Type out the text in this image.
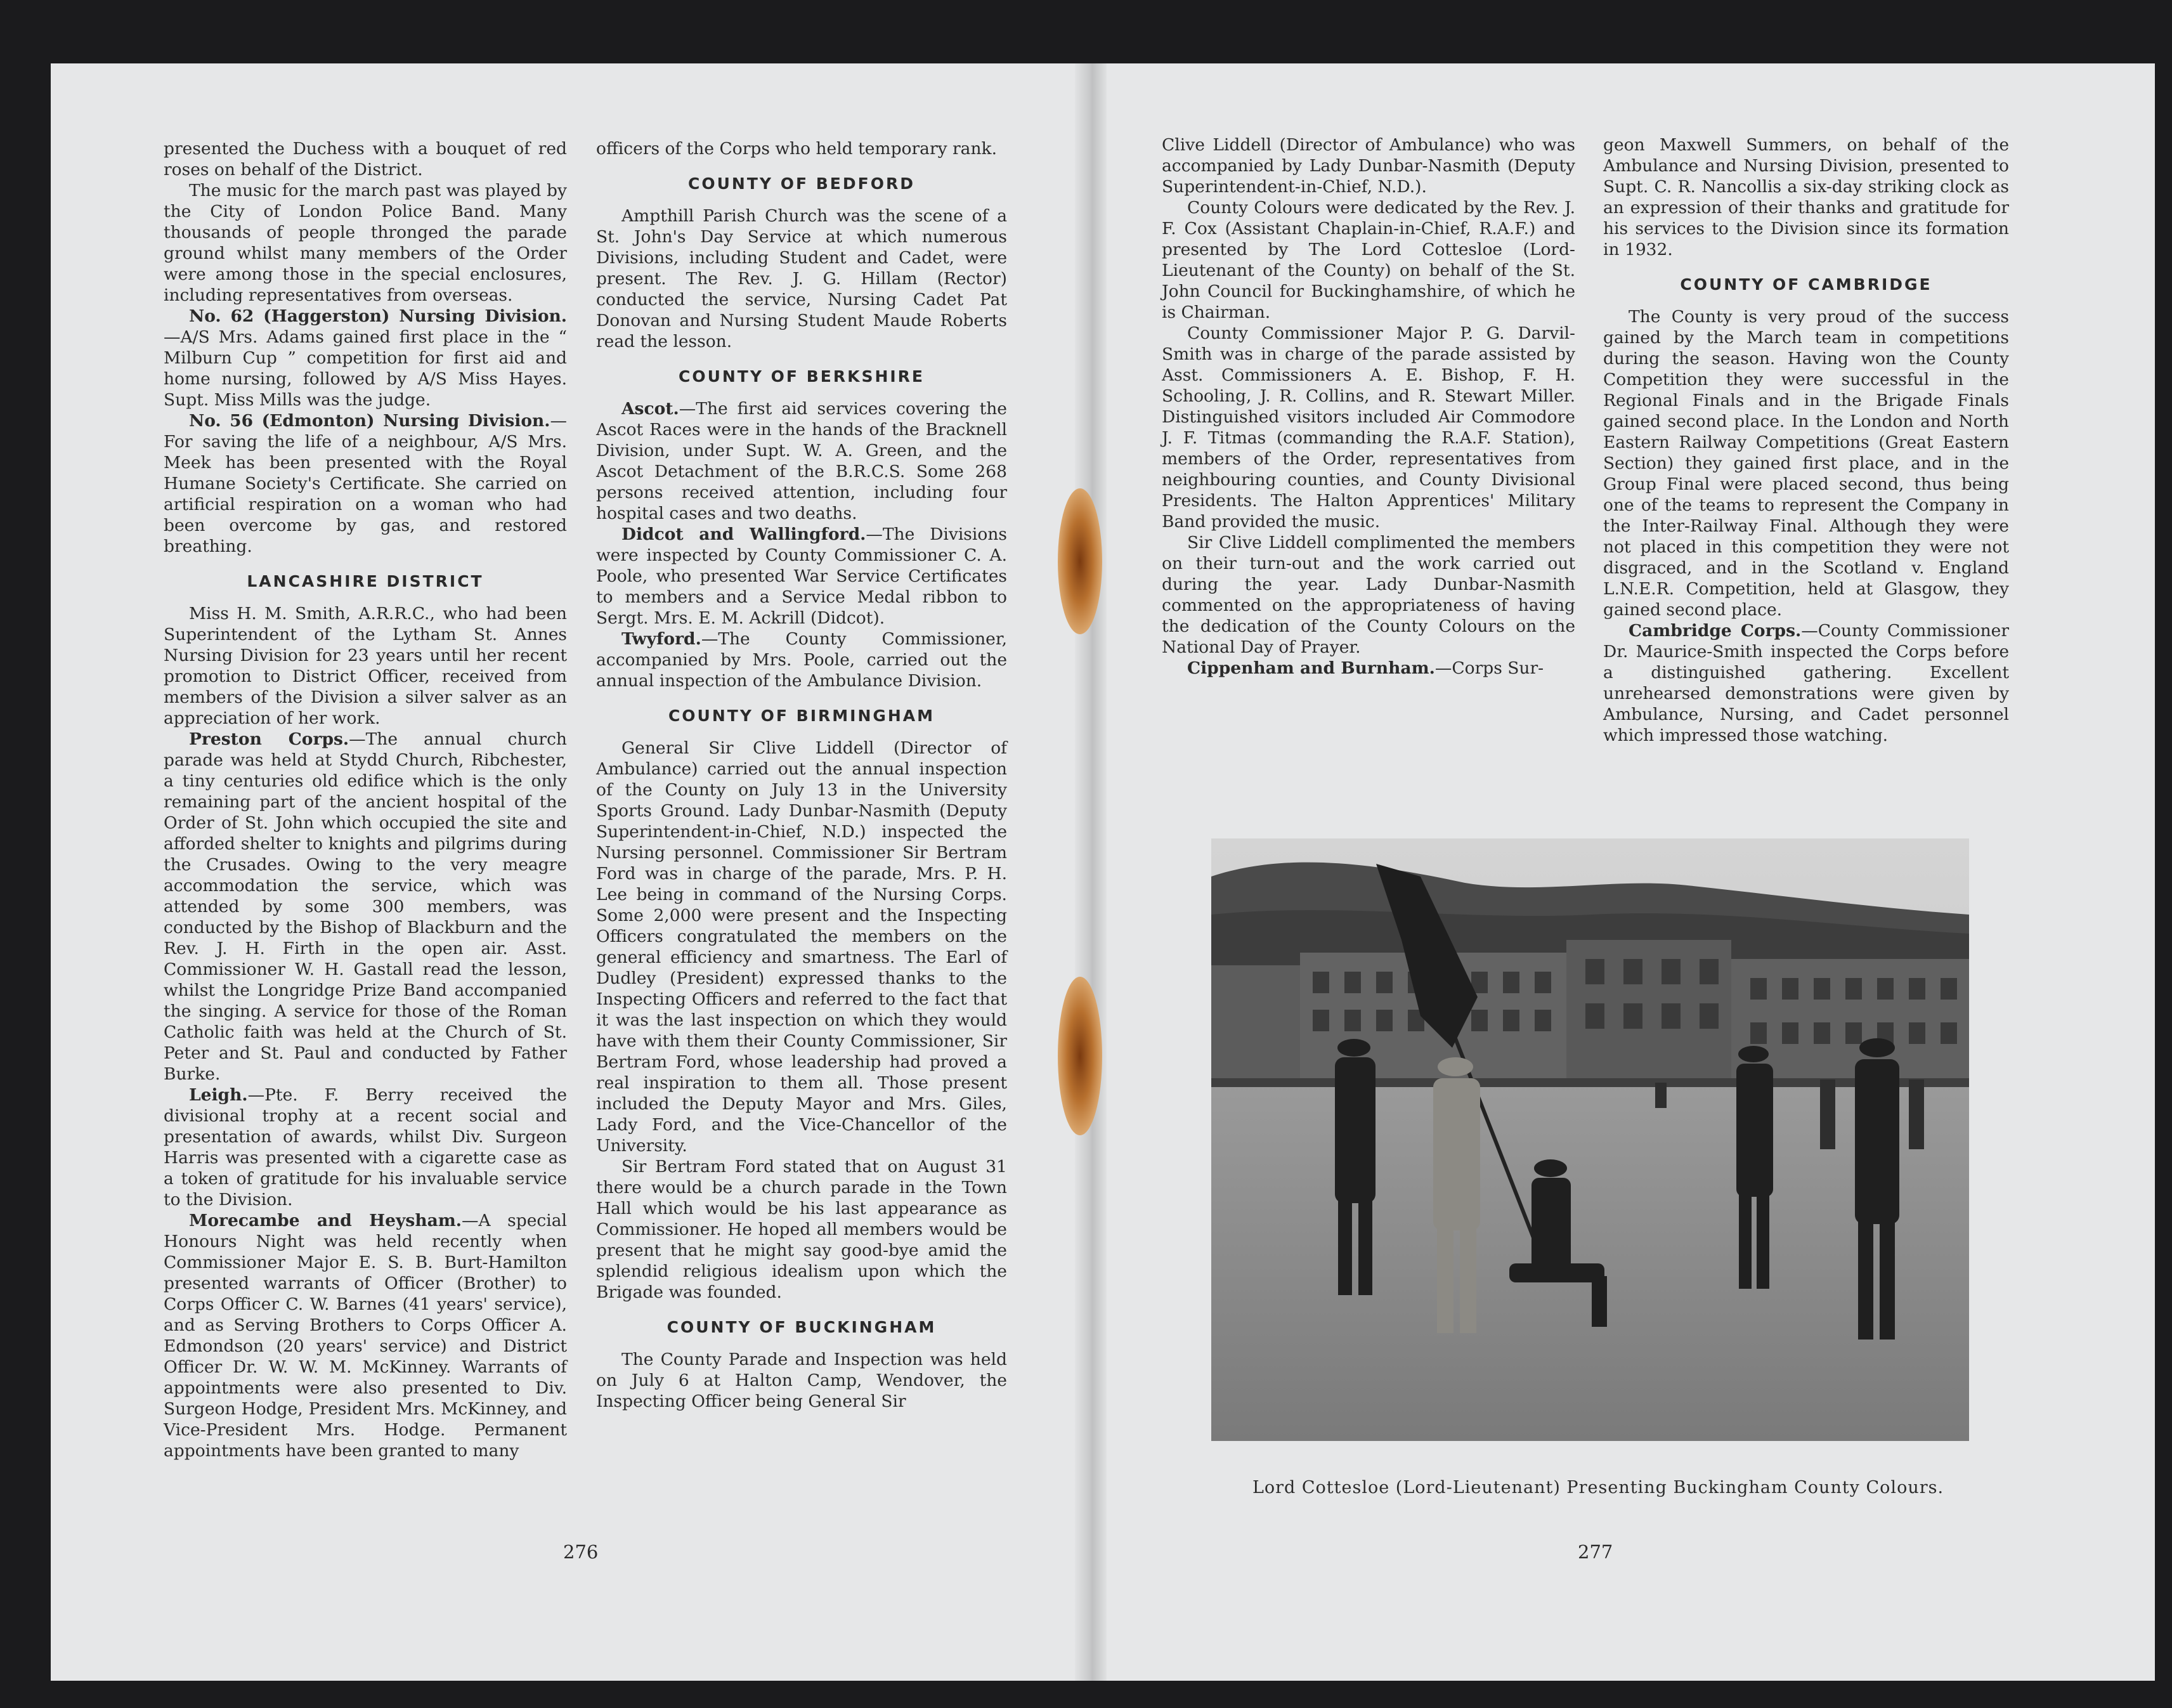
presented the Duchess with a bouquet of red roses on behalf of the District.

The music for the march past was played by the City of London Police Band. Many thousands of people thronged the parade ground whilst many members of the Order were among those in the special enclosures, including representatives from overseas.

No. 62 (Haggerston) Nursing Division.—A/S Mrs. Adams gained first place in the “ Milburn Cup ” competition for first aid and home nursing, followed by A/S Miss Hayes. Supt. Miss Mills was the judge.

No. 56 (Edmonton) Nursing Division.—For saving the life of a neighbour, A/S Mrs. Meek has been presented with the Royal Humane Society's Certificate. She carried on artificial respiration on a woman who had been overcome by gas, and restored breathing.

LANCASHIRE DISTRICT

Miss H. M. Smith, A.R.R.C., who had been Superintendent of the Lytham St. Annes Nursing Division for 23 years until her recent promotion to District Officer, received from members of the Division a silver salver as an appreciation of her work.

Preston Corps.—The annual church parade was held at Stydd Church, Ribchester, a tiny centuries old edifice which is the only remaining part of the ancient hospital of the Order of St. John which occupied the site and afforded shelter to knights and pilgrims during the Crusades. Owing to the very meagre accommodation the service, which was attended by some 300 members, was conducted by the Bishop of Blackburn and the Rev. J. H. Firth in the open air. Asst. Commissioner W. H. Gastall read the lesson, whilst the Longridge Prize Band accompanied the singing. A service for those of the Roman Catholic faith was held at the Church of St. Peter and St. Paul and conducted by Father Burke.

Leigh.—Pte. F. Berry received the divisional trophy at a recent social and presentation of awards, whilst Div. Surgeon Harris was presented with a cigarette case as a token of gratitude for his invaluable service to the Division.

Morecambe and Heysham.—A special Honours Night was held recently when Commissioner Major E. S. B. Burt-Hamilton presented warrants of Officer (Brother) to Corps Officer C. W. Barnes (41 years' service), and as Serving Brothers to Corps Officer A. Edmondson (20 years' service) and District Officer Dr. W. W. M. McKinney. Warrants of appointments were also presented to Div. Surgeon Hodge, President Mrs. McKinney, and Vice-President Mrs. Hodge. Permanent appointments have been granted to many

officers of the Corps who held temporary rank.

COUNTY OF BEDFORD

Ampthill Parish Church was the scene of a St. John's Day Service at which numerous Divisions, including Student and Cadet, were present. The Rev. J. G. Hillam (Rector) conducted the service, Nursing Cadet Pat Donovan and Nursing Student Maude Roberts read the lesson.

COUNTY OF BERKSHIRE

Ascot.—The first aid services covering the Ascot Races were in the hands of the Bracknell Division, under Supt. W. A. Green, and the Ascot Detachment of the B.R.C.S. Some 268 persons received attention, including four hospital cases and two deaths.

Didcot and Wallingford.—The Divisions were inspected by County Commissioner C. A. Poole, who presented War Service Certificates to members and a Service Medal ribbon to Sergt. Mrs. E. M. Ackrill (Didcot).

Twyford.—The County Commissioner, accompanied by Mrs. Poole, carried out the annual inspection of the Ambulance Division.

COUNTY OF BIRMINGHAM

General Sir Clive Liddell (Director of Ambulance) carried out the annual inspection of the County on July 13 in the University Sports Ground. Lady Dunbar-Nasmith (Deputy Superintendent-in-Chief, N.D.) inspected the Nursing personnel. Commissioner Sir Bertram Ford was in charge of the parade, Mrs. P. H. Lee being in command of the Nursing Corps. Some 2,000 were present and the Inspecting Officers congratulated the members on the general efficiency and smartness. The Earl of Dudley (President) expressed thanks to the Inspecting Officers and referred to the fact that it was the last inspection on which they would have with them their County Commissioner, Sir Bertram Ford, whose leadership had proved a real inspiration to them all. Those present included the Deputy Mayor and Mrs. Giles, Lady Ford, and the Vice-Chancellor of the University.

Sir Bertram Ford stated that on August 31 there would be a church parade in the Town Hall which would be his last appearance as Commissioner. He hoped all members would be present that he might say good-bye amid the splendid religious idealism upon which the Brigade was founded.

COUNTY OF BUCKINGHAM

The County Parade and Inspection was held on July 6 at Halton Camp, Wendover, the Inspecting Officer being General Sir

276

Clive Liddell (Director of Ambulance) who was accompanied by Lady Dunbar-Nasmith (Deputy Superintendent-in-Chief, N.D.).

County Colours were dedicated by the Rev. J. F. Cox (Assistant Chaplain-in-Chief, R.A.F.) and presented by The Lord Cottesloe (Lord-Lieutenant of the County) on behalf of the St. John Council for Buckinghamshire, of which he is Chairman.

County Commissioner Major P. G. Darvil-Smith was in charge of the parade assisted by Asst. Commissioners A. E. Bishop, F. H. Schooling, J. R. Collins, and R. Stewart Miller. Distinguished visitors included Air Commodore J. F. Titmas (commanding the R.A.F. Station), members of the Order, representatives from neighbouring counties, and County Divisional Presidents. The Halton Apprentices' Military Band provided the music.

Sir Clive Liddell complimented the members on their turn-out and the work carried out during the year. Lady Dunbar-Nasmith commented on the appropriateness of having the dedication of the County Colours on the National Day of Prayer.

Cippenham and Burnham.—Corps Sur-

geon Maxwell Summers, on behalf of the Ambulance and Nursing Division, presented to Supt. C. R. Nancollis a six-day striking clock as an expression of their thanks and gratitude for his services to the Division since its formation in 1932.

COUNTY OF CAMBRIDGE

The County is very proud of the success gained by the March team in competitions during the season. Having won the County Competition they were successful in the Regional Finals and in the Brigade Finals gained second place. In the London and North Eastern Railway Competitions (Great Eastern Section) they gained first place, and in the Group Final were placed second, thus being one of the teams to represent the Company in the Inter-Railway Final. Although they were not placed in this competition they were not disgraced, and in the Scotland v. England L.N.E.R. Competition, held at Glasgow, they gained second place.

Cambridge Corps.—County Commissioner Dr. Maurice-Smith inspected the Corps before a distinguished gathering. Excellent unrehearsed demonstrations were given by Ambulance, Nursing, and Cadet personnel which impressed those watching.

Lord Cottesloe (Lord-Lieutenant) Presenting Buckingham County Colours.
277
